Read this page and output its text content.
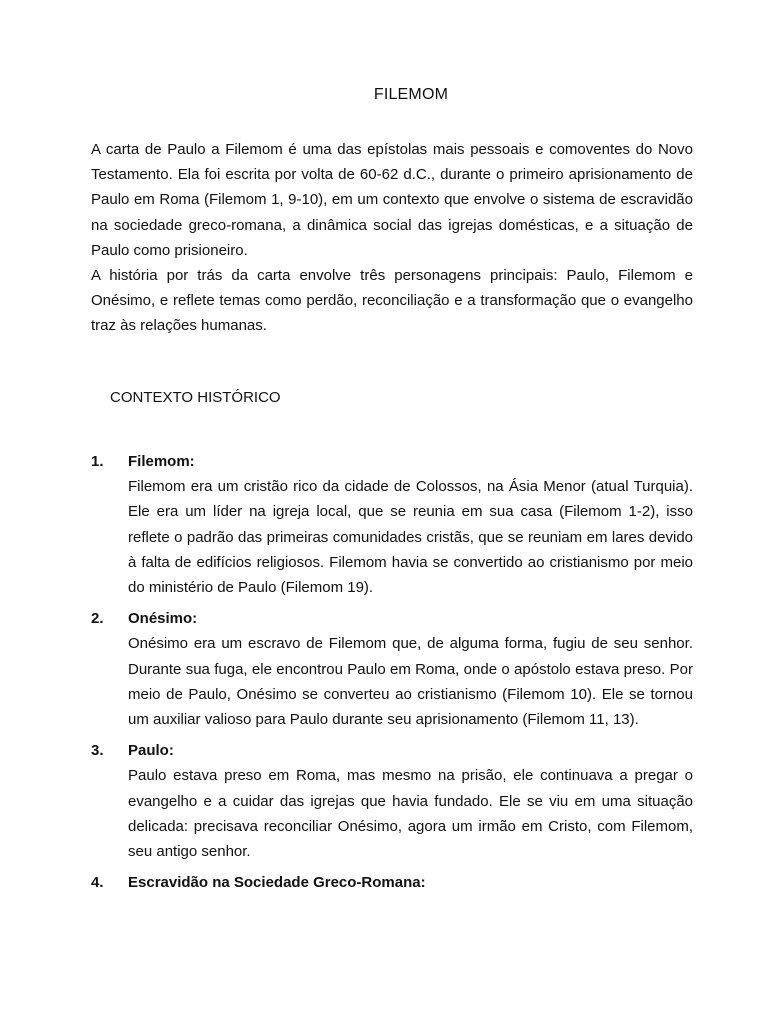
FILEMOM

A carta de Paulo a Filemom é uma das epístolas mais pessoais e comoventes do Novo Testamento. Ela foi escrita por volta de 60-62 d.C., durante o primeiro aprisionamento de Paulo em Roma (Filemom 1, 9-10), em um contexto que envolve o sistema de escravidão na sociedade greco-romana, a dinâmica social das igrejas domésticas, e a situação de Paulo como prisioneiro.

A história por trás da carta envolve três personagens principais: Paulo, Filemom e Onésimo, e reflete temas como perdão, reconciliação e a transformação que o evangelho traz às relações humanas.

CONTEXTO HISTÓRICO
1. Filemom:
Filemom era um cristão rico da cidade de Colossos, na Ásia Menor (atual Turquia). Ele era um líder na igreja local, que se reunia em sua casa (Filemom 1-2), isso reflete o padrão das primeiras comunidades cristãs, que se reuniam em lares devido à falta de edifícios religiosos. Filemom havia se convertido ao cristianismo por meio do ministério de Paulo (Filemom 19).
2. Onésimo:
Onésimo era um escravo de Filemom que, de alguma forma, fugiu de seu senhor. Durante sua fuga, ele encontrou Paulo em Roma, onde o apóstolo estava preso. Por meio de Paulo, Onésimo se converteu ao cristianismo (Filemom 10). Ele se tornou um auxiliar valioso para Paulo durante seu aprisionamento (Filemom 11, 13).
3. Paulo:
Paulo estava preso em Roma, mas mesmo na prisão, ele continuava a pregar o evangelho e a cuidar das igrejas que havia fundado. Ele se viu em uma situação delicada: precisava reconciliar Onésimo, agora um irmão em Cristo, com Filemom, seu antigo senhor.
4. Escravidão na Sociedade Greco-Romana:
